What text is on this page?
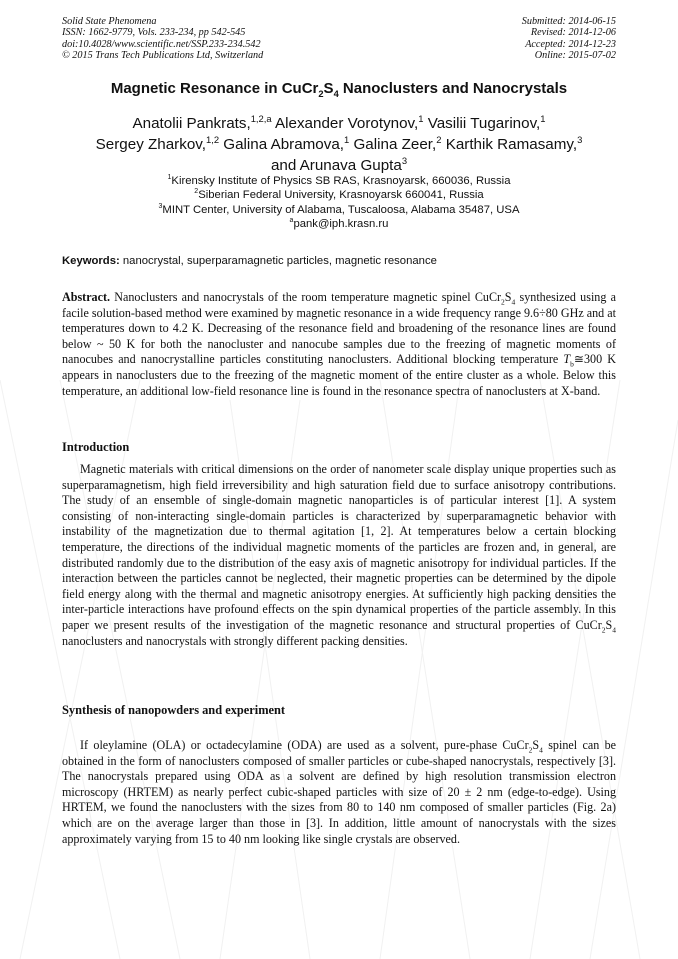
Solid State Phenomena
ISSN: 1662-9779, Vols. 233-234, pp 542-545
doi:10.4028/www.scientific.net/SSP.233-234.542
© 2015 Trans Tech Publications Ltd, Switzerland
Submitted: 2014-06-15
Revised: 2014-12-06
Accepted: 2014-12-23
Online: 2015-07-02
Magnetic Resonance in $CuCr_2S_4$ Nanoclusters and Nanocrystals
Anatolii Pankrats,$^{1,2,a}$ Alexander Vorotynov,$^1$ Vasilii Tugarinov,$^1$
Sergey Zharkov,$^{1,2}$ Galina Abramova,$^1$ Galina Zeer,$^2$ Karthik Ramasamy,$^3$
and Arunava Gupta$^3$
$^1$Kirensky Institute of Physics SB RAS, Krasnoyarsk, 660036, Russia
$^2$Siberian Federal University, Krasnoyarsk 660041, Russia
$^3$MINT Center, University of Alabama, Tuscaloosa, Alabama 35487, USA
$^a$pank@iph.krasn.ru
Keywords: nanocrystal, superparamagnetic particles, magnetic resonance

Abstract. Nanoclusters and nanocrystals of the room temperature magnetic spinel $CuCr_2S_4$ synthesized using a facile solution-based method were examined by magnetic resonance in a wide frequency range 9.6÷80 GHz and at temperatures down to 4.2 K. Decreasing of the resonance field and broadening of the resonance lines are found below ~ 50 K for both the nanocluster and nanocube samples due to the freezing of magnetic moments of nanocubes and nanocrystalline particles constituting nanoclusters. Additional blocking temperature $T_b≅300$ K appears in nanoclusters due to the freezing of the magnetic moment of the entire cluster as a whole. Below this temperature, an additional low-field resonance line is found in the resonance spectra of nanoclusters at X-band.

Introduction

Magnetic materials with critical dimensions on the order of nanometer scale display unique properties such as superparamagnetism, high field irreversibility and high saturation field due to surface anisotropy contributions. The study of an ensemble of single-domain magnetic nanoparticles is of particular interest [1]. A system consisting of non-interacting single-domain particles is characterized by superparamagnetic behavior with instability of the magnetization due to thermal agitation [1, 2]. At temperatures below a certain blocking temperature, the directions of the individual magnetic moments of the particles are frozen and, in general, are distributed randomly due to the distribution of the easy axis of magnetic anisotropy for individual particles. If the interaction between the particles cannot be neglected, their magnetic properties can be determined by the dipole field energy along with the thermal and magnetic anisotropy energies. At sufficiently high packing densities the inter-particle interactions have profound effects on the spin dynamical properties of the particle assembly. In this paper we present results of the investigation of the magnetic resonance and structural properties of $CuCr_2S_4$ nanoclusters and nanocrystals with strongly different packing densities.

Synthesis of nanopowders and experiment

If oleylamine (OLA) or octadecylamine (ODA) are used as a solvent, pure-phase $CuCr_2S_4$ spinel can be obtained in the form of nanoclusters composed of smaller particles or cube-shaped nanocrystals, respectively [3]. The nanocrystals prepared using ODA as a solvent are defined by high resolution transmission electron microscopy (HRTEM) as nearly perfect cubic-shaped particles with size of 20 ± 2 nm (edge-to-edge). Using HRTEM, we found the nanoclusters with the sizes from 80 to 140 nm composed of smaller particles (Fig. 2a) which are on the average larger than those in [3]. In addition, little amount of nanocrystals with the sizes approximately varying from 15 to 40 nm looking like single crystals are observed.
